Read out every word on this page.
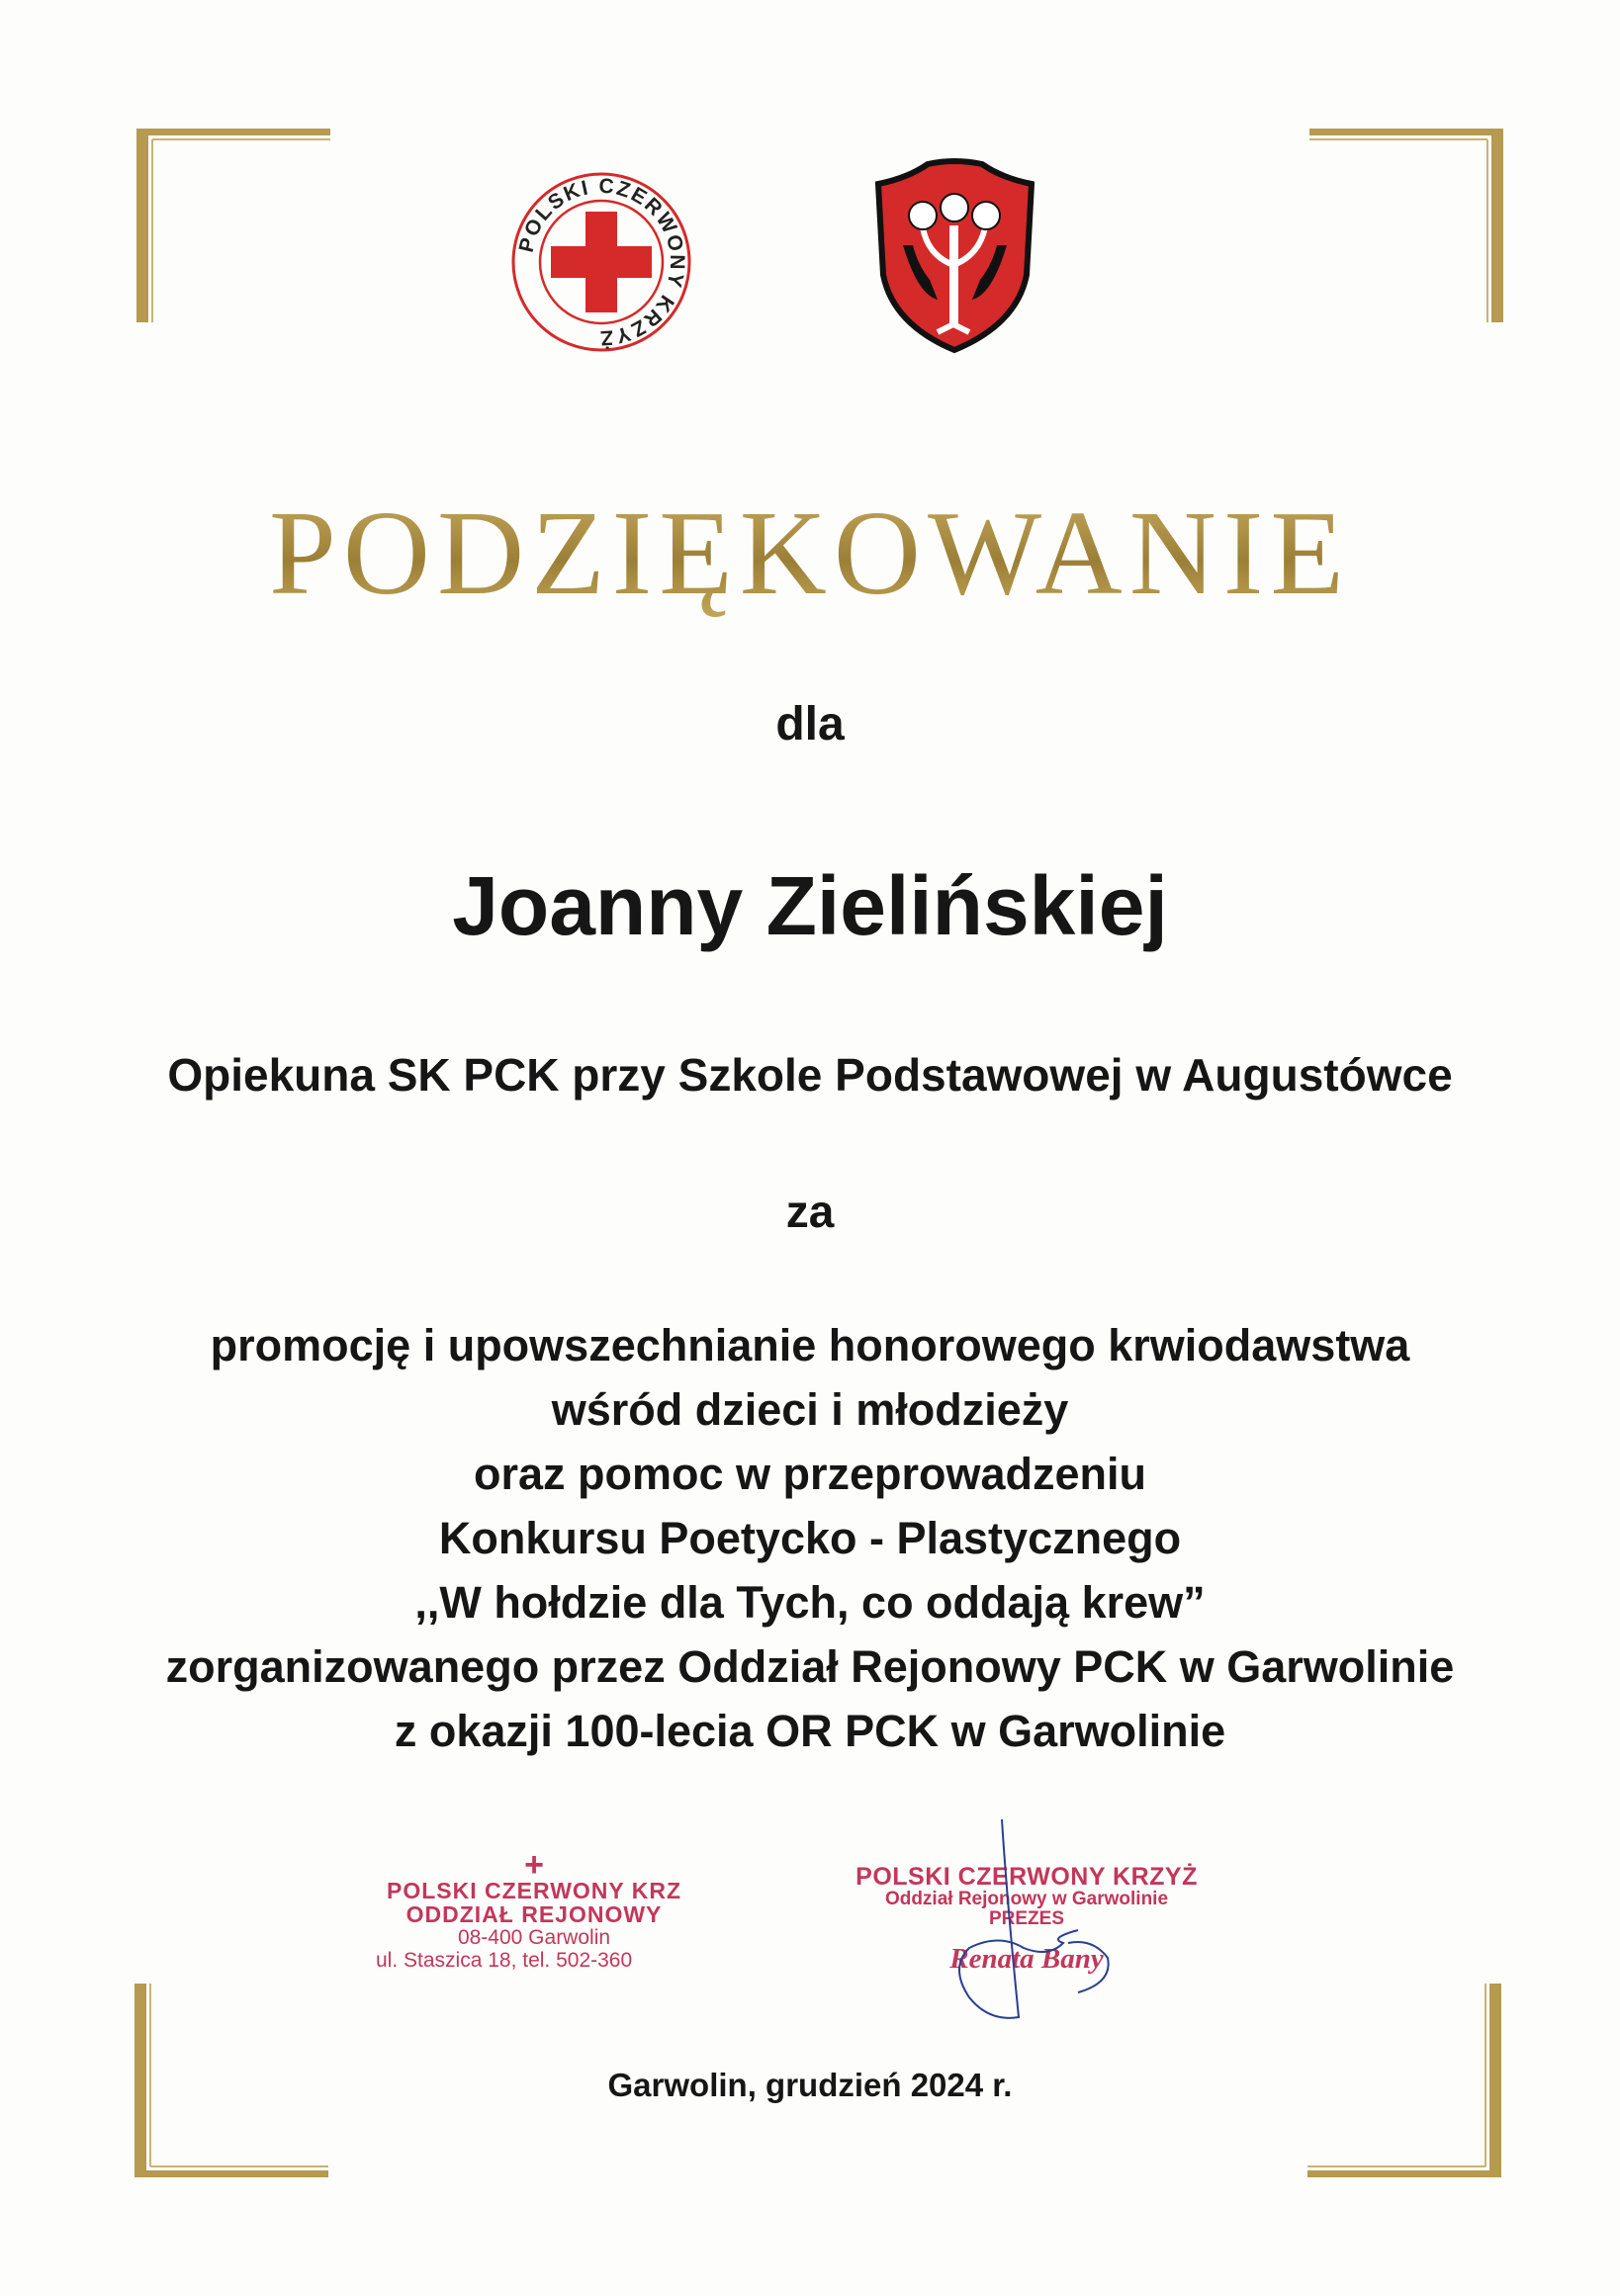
POLSKI CZERWONY KRZYŻ
PODZIĘKOWANIE
dla
Joanny Zielińskiej
Opiekuna SK PCK przy Szkole Podstawowej w Augustówce
za
promocję i upowszechnianie honorowego krwiodawstwa
wśród dzieci i młodzieży
oraz pomoc w przeprowadzeniu
Konkursu Poetycko - Plastycznego
,,W hołdzie dla Tych, co oddają krew”
zorganizowanego przez Oddział Rejonowy PCK w Garwolinie
z okazji 100-lecia OR PCK w Garwolinie
+
POLSKI CZERWONY KRZ
ODDZIAŁ REJONOWY
08-400 Garwolin
ul. Staszica 18, tel. 502-360
POLSKI CZERWONY KRZYŻ
Oddział Rejonowy w Garwolinie
PREZES
Renata Bany
Garwolin, grudzień 2024 r.
